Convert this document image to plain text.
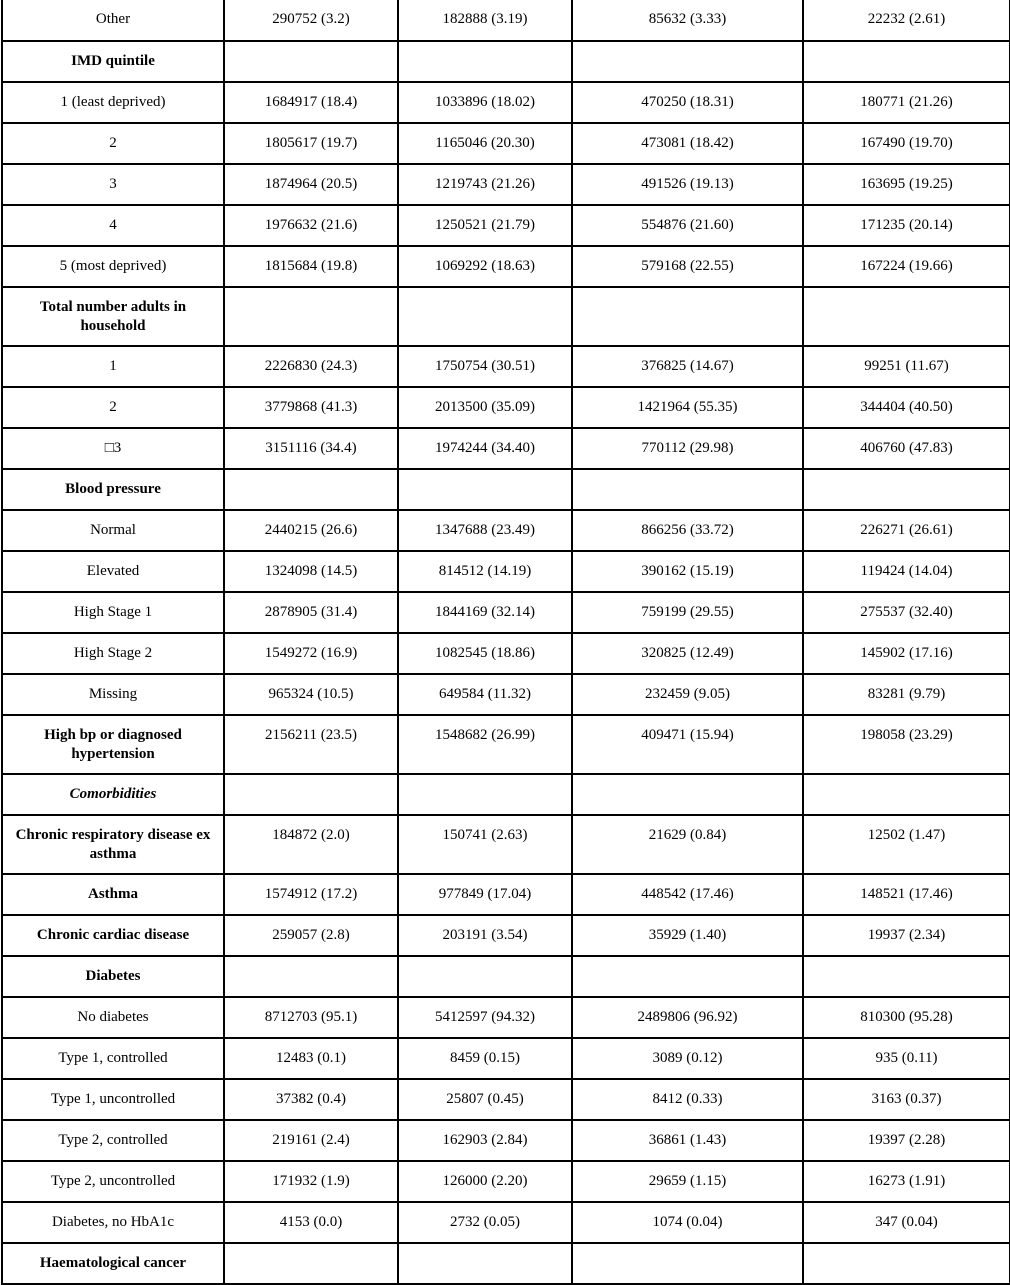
Other	290752 (3.2)	182888 (3.19)	85632 (3.33)	22232 (2.61)
IMD quintile				
1 (least deprived)	1684917 (18.4)	1033896 (18.02)	470250 (18.31)	180771 (21.26)
2	1805617 (19.7)	1165046 (20.30)	473081 (18.42)	167490 (19.70)
3	1874964 (20.5)	1219743 (21.26)	491526 (19.13)	163695 (19.25)
4	1976632 (21.6)	1250521 (21.79)	554876 (21.60)	171235 (20.14)
5 (most deprived)	1815684 (19.8)	1069292 (18.63)	579168 (22.55)	167224 (19.66)
Total number adults in household				
1	2226830 (24.3)	1750754 (30.51)	376825 (14.67)	99251 (11.67)
2	3779868 (41.3)	2013500 (35.09)	1421964 (55.35)	344404 (40.50)
□3	3151116 (34.4)	1974244 (34.40)	770112 (29.98)	406760 (47.83)
Blood pressure				
Normal	2440215 (26.6)	1347688 (23.49)	866256 (33.72)	226271 (26.61)
Elevated	1324098 (14.5)	814512 (14.19)	390162 (15.19)	119424 (14.04)
High Stage 1	2878905 (31.4)	1844169 (32.14)	759199 (29.55)	275537 (32.40)
High Stage 2	1549272 (16.9)	1082545 (18.86)	320825 (12.49)	145902 (17.16)
Missing	965324 (10.5)	649584 (11.32)	232459 (9.05)	83281 (9.79)
High bp or diagnosed hypertension	2156211 (23.5)	1548682 (26.99)	409471 (15.94)	198058 (23.29)
Comorbidities				
Chronic respiratory disease ex asthma	184872 (2.0)	150741 (2.63)	21629 (0.84)	12502 (1.47)
Asthma	1574912 (17.2)	977849 (17.04)	448542 (17.46)	148521 (17.46)
Chronic cardiac disease	259057 (2.8)	203191 (3.54)	35929 (1.40)	19937 (2.34)
Diabetes				
No diabetes	8712703 (95.1)	5412597 (94.32)	2489806 (96.92)	810300 (95.28)
Type 1, controlled	12483 (0.1)	8459 (0.15)	3089 (0.12)	935 (0.11)
Type 1, uncontrolled	37382 (0.4)	25807 (0.45)	8412 (0.33)	3163 (0.37)
Type 2, controlled	219161 (2.4)	162903 (2.84)	36861 (1.43)	19397 (2.28)
Type 2, uncontrolled	171932 (1.9)	126000 (2.20)	29659 (1.15)	16273 (1.91)
Diabetes, no HbA1c	4153 (0.0)	2732 (0.05)	1074 (0.04)	347 (0.04)
Haematological cancer				
